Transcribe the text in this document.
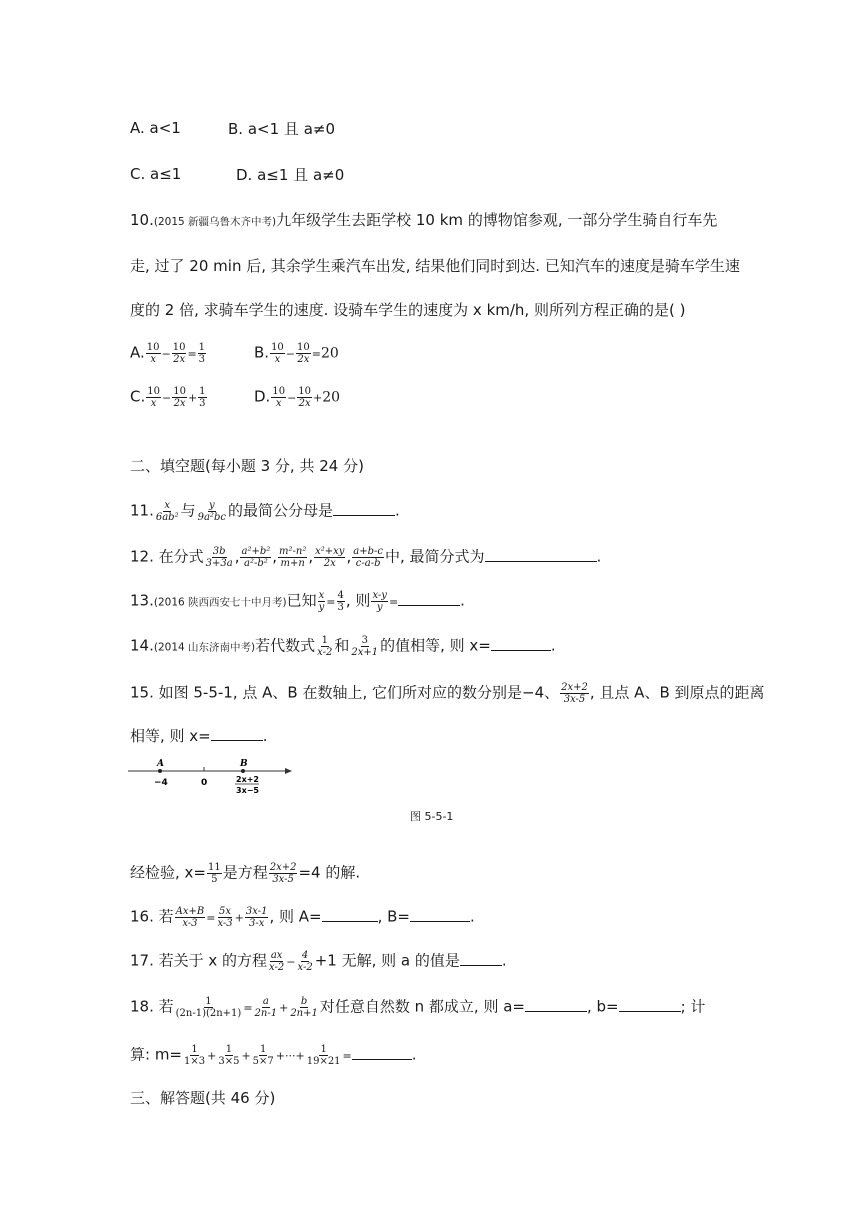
A. a<1	B. a<1 且 a≠0
C. a≤1	D. a≤1 且 a≠0
10.(2015 新疆乌鲁木齐中考)九年级学生去距学校 10 km 的博物馆参观, 一部分学生骑自行车先
走, 过了 20 min 后, 其余学生乘汽车出发, 结果他们同时到达. 已知汽车的速度是骑车学生速
度的 2 倍, 求骑车学生的速度. 设骑车学生的速度为 x km/h, 则所列方程正确的是( )
A. $\frac{10}{x} - \frac{10}{2x} = \frac{1}{3}$	B. $\frac{10}{x} - \frac{10}{2x} =20$
C. $\frac{10}{x} - \frac{10}{2x} + \frac{1}{3}$	D. $\frac{10}{x} - \frac{10}{2x} +20$
二、填空题(每小题 3 分, 共 24 分)
11. $\frac{x}{\text{6ab²}}$ 与 $\frac{y}{\text{9a²bc}}$ 的最简公分母是	.
12. 在分式 $\frac{3b}{3+3a}$ , $\frac{\text{a²+b²}}{\text{a²-b²}}$ , $\frac{\text{m²-n²}}{m+n}$ , $\frac{\text{x²+xy}}{2x}$ , $\frac{a+b-c}{c-a-b}$ 中, 最简分式为	.
13.(2016 陕西西安七十中月考)已知 $\frac{x}{y} = \frac{4}{3}$ , 则 $\frac{x-y}{y}$ =	.
14.(2014 山东济南中考)若代数式 $\frac{1}{x-2}$ 和 $\frac{3}{2x+1}$ 的值相等, 则 x=	.
15. 如图 5-5-1, 点 A、B 在数轴上, 它们所对应的数分别是−4、 $\frac{2x+2}{3x-5}$ , 且点 A、B 到原点的距离
相等, 则 x=	.
A	B
−4	0	2x+2
3x−5
图 5-5-1
经检验, $x= \frac{11}{5}$ 是方程 $\frac{2x+2}{3x-5} =4$ 的解.
16. 若 $\frac{Ax+B}{x-3} = \frac{5x}{x-3} + \frac{3x-1}{3-x}$ , 则 A=	, B=	.
17. 若关于 x 的方程 $\frac{ax}{x-2} - \frac{4}{x-2} +1$ 无解, 则 a 的值是	.
18. 若 $\frac{1}{(2n-1)(2n+1)} = \frac{a}{2n-1} + \frac{b}{2n+1}$ 对任意自然数 n 都成立, 则 a=	, b=	; 计
算: $m= \frac{1}{1\times 3} + \frac{1}{3\times 5} + \frac{1}{5\times 7}$ +···+ $\frac{1}{19\times 21}$ =	.
三、解答题(共 46 分)
